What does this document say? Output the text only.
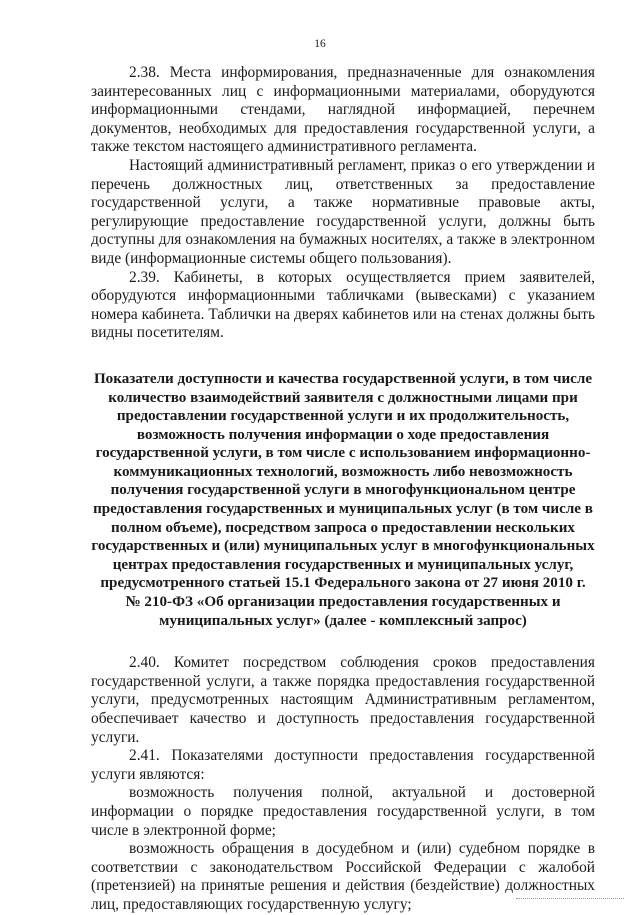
16

2.38. Места информирования, предназначенные для ознакомления заинтересованных лиц с информационными материалами, оборудуются информационными стендами, наглядной информацией, перечнем документов, необходимых для предоставления государственной услуги, а также текстом настоящего административного регламента.

Настоящий административный регламент, приказ о его утверждении и перечень должностных лиц, ответственных за предоставление государственной услуги, а также нормативные правовые акты, регулирующие предоставление государственной услуги, должны быть доступны для ознакомления на бумажных носителях, а также в электронном виде (информационные системы общего пользования).

2.39. Кабинеты, в которых осуществляется прием заявителей, оборудуются информационными табличками (вывесками) с указанием номера кабинета. Таблички на дверях кабинетов или на стенах должны быть видны посетителям.

Показатели доступности и качества государственной услуги, в том числе количество взаимодействий заявителя с должностными лицами при предоставлении государственной услуги и их продолжительность, возможность получения информации о ходе предоставления государственной услуги, в том числе с использованием информационно-коммуникационных технологий, возможность либо невозможность получения государственной услуги в многофункциональном центре предоставления государственных и муниципальных услуг (в том числе в полном объеме), посредством запроса о предоставлении нескольких государственных и (или) муниципальных услуг в многофункциональных центрах предоставления государственных и муниципальных услуг, предусмотренного статьей 15.1 Федерального закона от 27 июня 2010 г. № 210-ФЗ «Об организации предоставления государственных и муниципальных услуг» (далее - комплексный запрос)

2.40. Комитет посредством соблюдения сроков предоставления государственной услуги, а также порядка предоставления государственной услуги, предусмотренных настоящим Административным регламентом, обеспечивает качество и доступность предоставления государственной услуги.

2.41. Показателями доступности предоставления государственной услуги являются:

возможность получения полной, актуальной и достоверной информации о порядке предоставления государственной услуги, в том числе в электронной форме;

возможность обращения в досудебном и (или) судебном порядке в соответствии с законодательством Российской Федерации с жалобой (претензией) на принятые решения и действия (бездействие) должностных лиц, предоставляющих государственную услугу;
